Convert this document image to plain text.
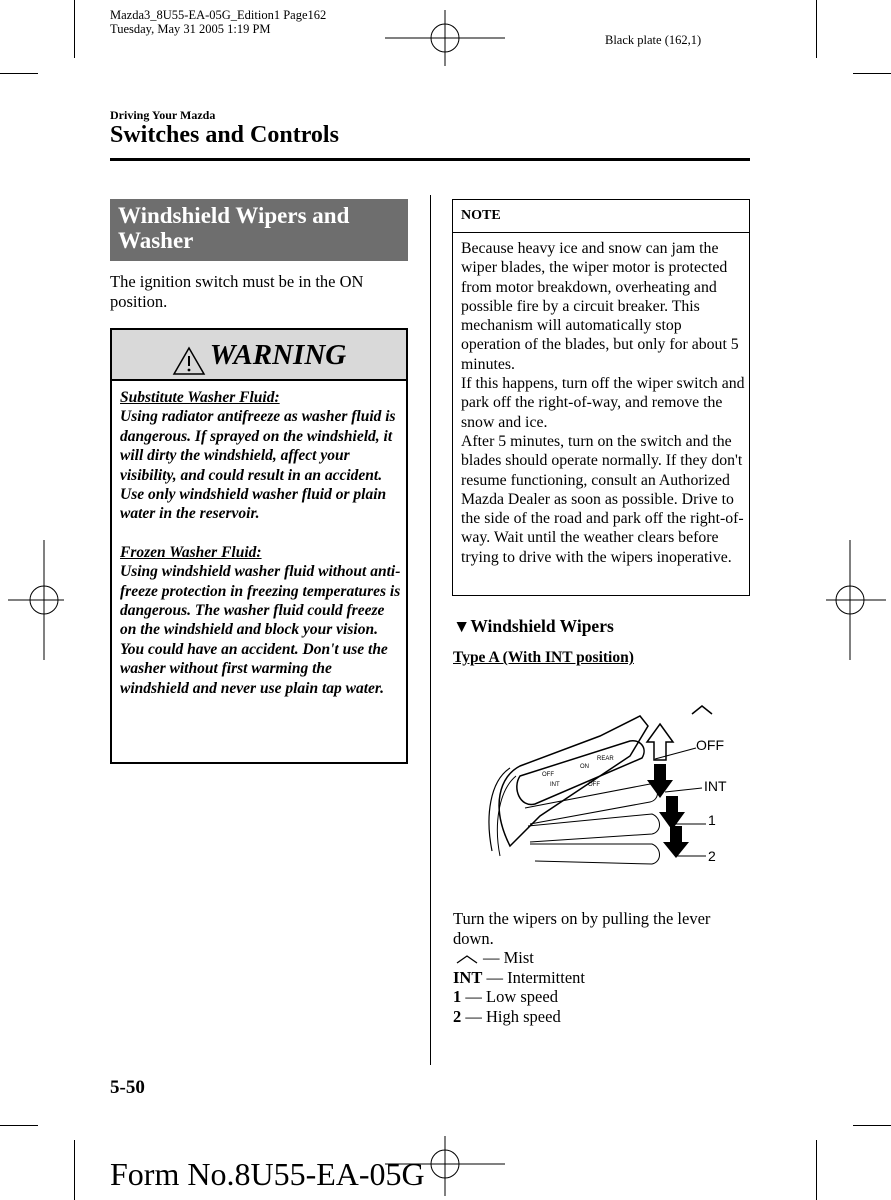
Mazda3_8U55-EA-05G_Edition1 Page162
Tuesday, May 31 2005 1:19 PM
Black plate (162,1)
Driving Your Mazda
Switches and Controls
Windshield Wipers and Washer
The ignition switch must be in the ON position.
WARNING
Substitute Washer Fluid:
Using radiator antifreeze as washer fluid is dangerous. If sprayed on the windshield, it will dirty the windshield, affect your visibility, and could result in an accident. Use only windshield washer fluid or plain water in the reservoir.
Frozen Washer Fluid:
Using windshield washer fluid without anti-freeze protection in freezing temperatures is dangerous. The washer fluid could freeze on the windshield and block your vision. You could have an accident. Don't use the washer without first warming the windshield and never use plain tap water.
NOTE
Because heavy ice and snow can jam the wiper blades, the wiper motor is protected from motor breakdown, overheating and possible fire by a circuit breaker. This mechanism will automatically stop operation of the blades, but only for about 5 minutes.
If this happens, turn off the wiper switch and park off the right-of-way, and remove the snow and ice.
After 5 minutes, turn on the switch and the blades should operate normally. If they don't resume functioning, consult an Authorized Mazda Dealer as soon as possible. Drive to the side of the road and park off the right-of-way. Wait until the weather clears before trying to drive with the wipers inoperative.
▼Windshield Wipers
Type A (With INT position)
OFF
INT
ON
OFF
REAR
OFF
INT
1
2
Turn the wipers on by pulling the lever down.
— Mist
INT — Intermittent
1 — Low speed
2 — High speed
5-50
Form No.8U55-EA-05G
